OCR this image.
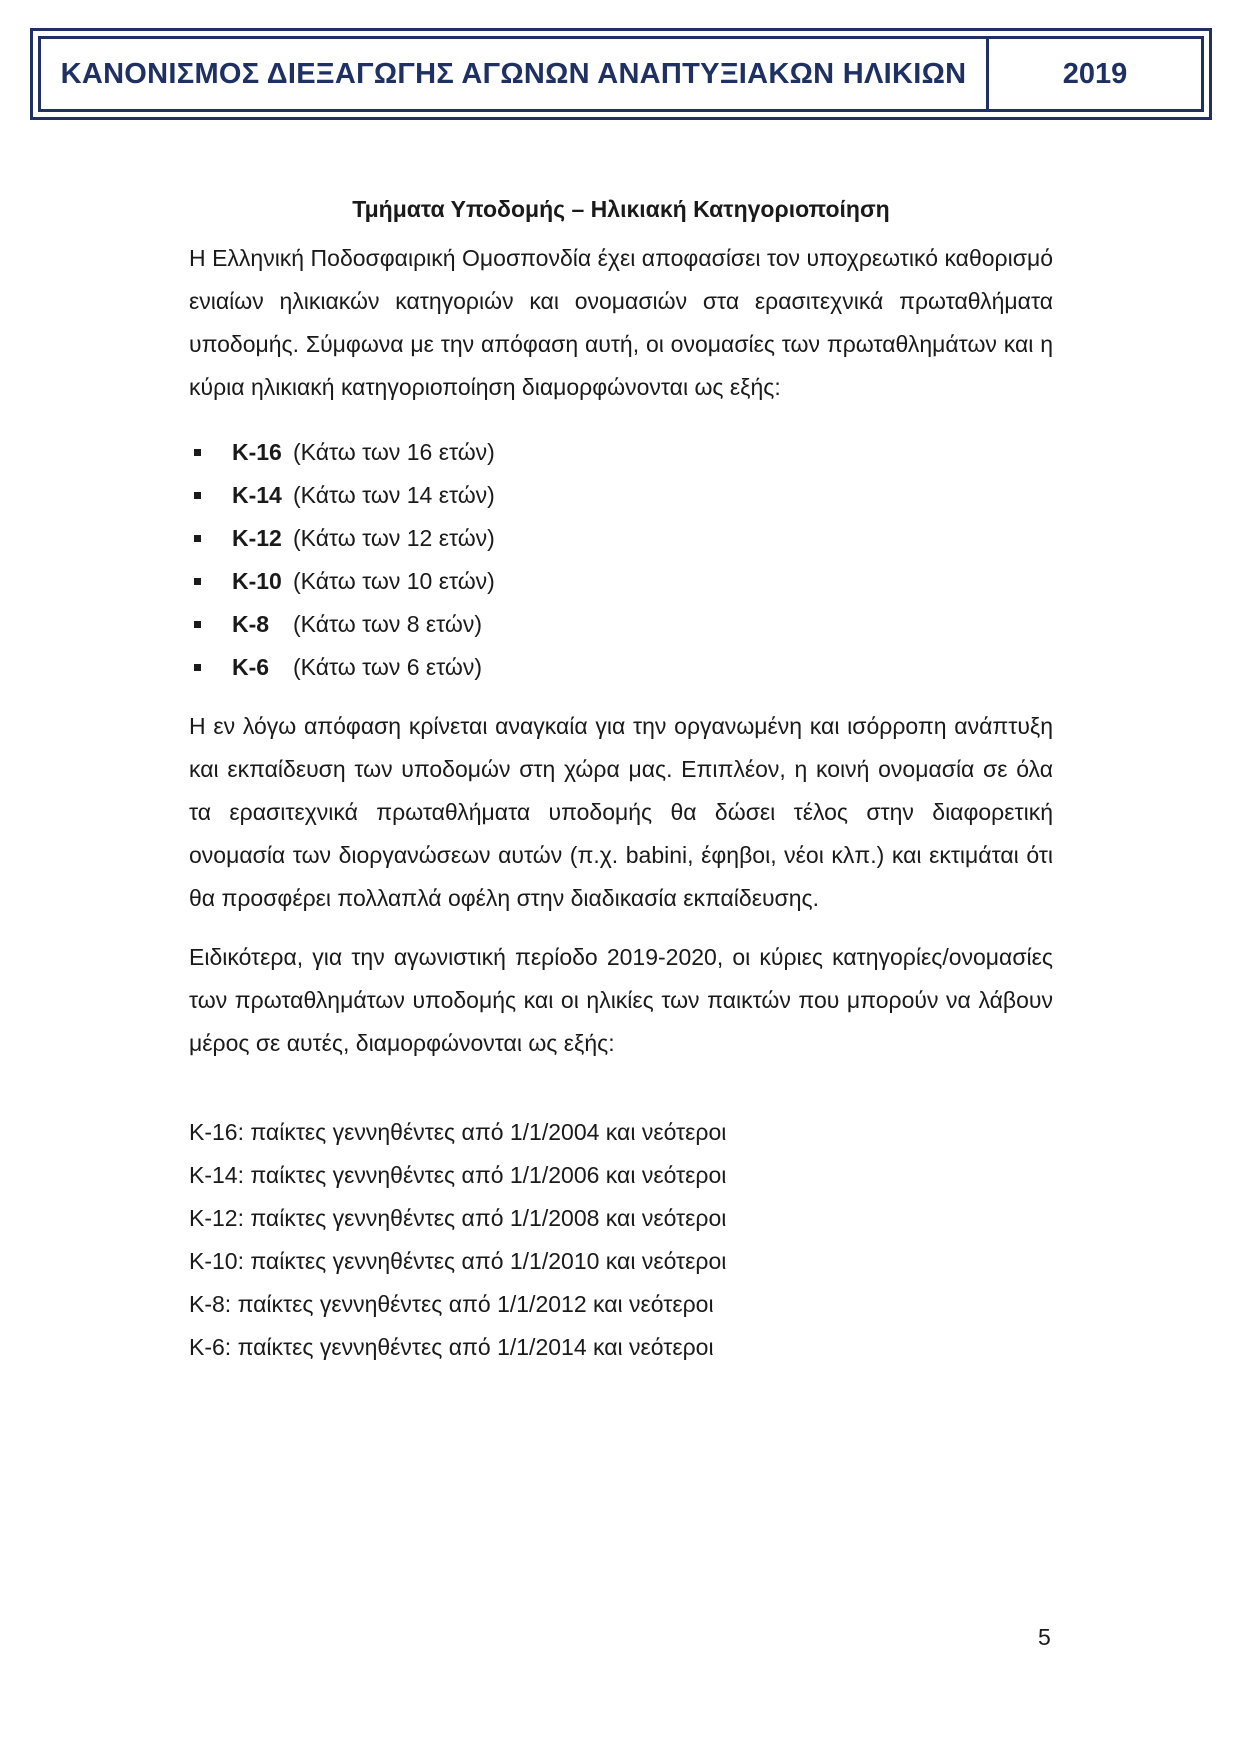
ΚΑΝΟΝΙΣΜΟΣ ΔΙΕΞΑΓΩΓΗΣ ΑΓΩΝΩΝ ΑΝΑΠΤΥΞΙΑΚΩΝ ΗΛΙΚΙΩΝ	2019
Τμήματα Υποδομής – Ηλικιακή Κατηγοριοποίηση

Η Ελληνική Ποδοσφαιρική Ομοσπονδία έχει αποφασίσει τον υποχρεωτικό καθορισμό ενιαίων ηλικιακών κατηγοριών και ονομασιών στα ερασιτεχνικά πρωταθλήματα υποδομής. Σύμφωνα με την απόφαση αυτή, οι ονομασίες των πρωταθλημάτων και η κύρια ηλικιακή κατηγοριοποίηση διαμορφώνονται ως εξής:

Κ-16 (Κάτω των 16 ετών)
Κ-14 (Κάτω των 14 ετών)
Κ-12 (Κάτω των 12 ετών)
Κ-10 (Κάτω των 10 ετών)
Κ-8	(Κάτω των 8 ετών)
Κ-6	(Κάτω των 6 ετών)

Η εν λόγω απόφαση κρίνεται αναγκαία για την οργανωμένη και ισόρροπη ανάπτυξη και εκπαίδευση των υποδομών στη χώρα μας. Επιπλέον, η κοινή ονομασία σε όλα τα ερασιτεχνικά πρωταθλήματα υποδομής θα δώσει τέλος στην διαφορετική ονομασία των διοργανώσεων αυτών (π.χ. babini, έφηβοι, νέοι κλπ.) και εκτιμάται ότι θα προσφέρει πολλαπλά οφέλη στην διαδικασία εκπαίδευσης.

Ειδικότερα, για την αγωνιστική περίοδο 2019-2020, οι κύριες κατηγορίες/ονομασίες των πρωταθλημάτων υποδομής και οι ηλικίες των παικτών που μπορούν να λάβουν μέρος σε αυτές, διαμορφώνονται ως εξής:

Κ-16: παίκτες γεννηθέντες από 1/1/2004 και νεότεροι
Κ-14: παίκτες γεννηθέντες από 1/1/2006 και νεότεροι
Κ-12: παίκτες γεννηθέντες από 1/1/2008 και νεότεροι
Κ-10: παίκτες γεννηθέντες από 1/1/2010 και νεότεροι
Κ-8: παίκτες γεννηθέντες από 1/1/2012 και νεότεροι
Κ-6: παίκτες γεννηθέντες από 1/1/2014 και νεότεροι
5
